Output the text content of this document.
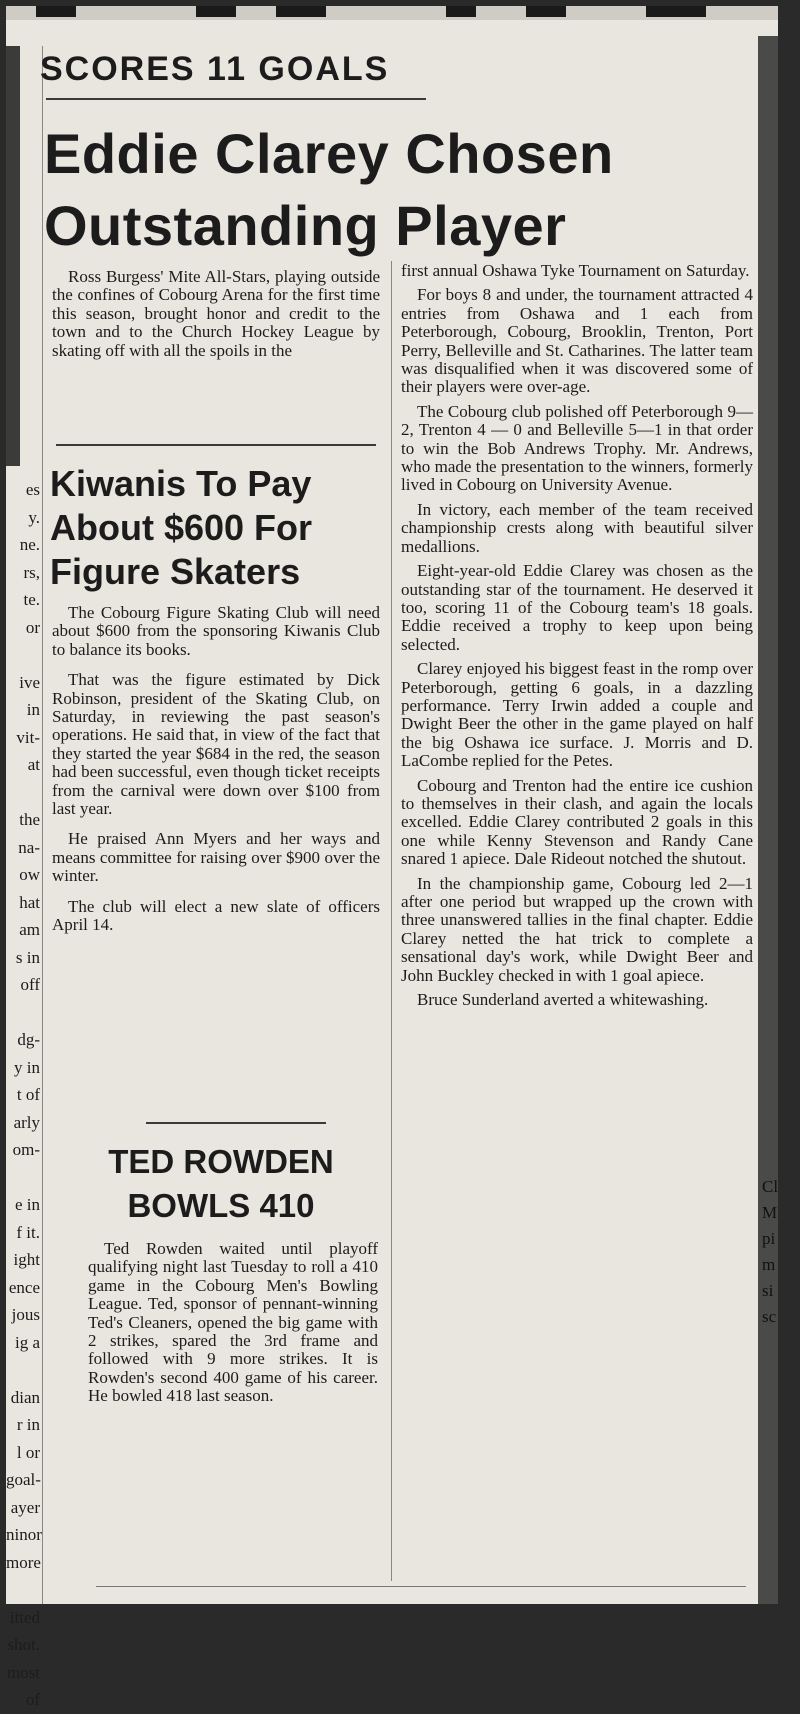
es
y.
ne.
rs,
te.
or

ive
in
vit-
at

the
na-
ow
hat
am
s in
off

dg-
y in
t of
arly
om-

e in
f it.
ight
ence
jous
ig a

dian
r in
l or
goal-
ayer
ninor
more

itted
shot.
most
of
SCORES 11 GOALS
Eddie Clarey Chosen Outstanding Player

Ross Burgess' Mite All-Stars, playing outside the confines of Cobourg Arena for the first time this season, brought honor and credit to the town and to the Church Hockey League by skating off with all the spoils in the

Kiwanis To Pay About $600 For Figure Skaters

The Cobourg Figure Skating Club will need about $600 from the sponsoring Kiwanis Club to balance its books.

That was the figure estimated by Dick Robinson, president of the Skating Club, on Saturday, in reviewing the past season's operations. He said that, in view of the fact that they started the year $684 in the red, the season had been successful, even though ticket receipts from the carnival were down over $100 from last year.

He praised Ann Myers and her ways and means committee for raising over $900 over the winter.

The club will elect a new slate of officers April 14.

TED ROWDEN BOWLS 410

Ted Rowden waited until playoff qualifying night last Tuesday to roll a 410 game in the Cobourg Men's Bowling League. Ted, sponsor of pennant-winning Ted's Cleaners, opened the big game with 2 strikes, spared the 3rd frame and followed with 9 more strikes. It is Rowden's second 400 game of his career. He bowled 418 last season.

first annual Oshawa Tyke Tournament on Saturday.

For boys 8 and under, the tournament attracted 4 entries from Oshawa and 1 each from Peterborough, Cobourg, Brooklin, Trenton, Port Perry, Belleville and St. Catharines. The latter team was disqualified when it was discovered some of their players were over-age.

The Cobourg club polished off Peterborough 9—2, Trenton 4 — 0 and Belleville 5—1 in that order to win the Bob Andrews Trophy. Mr. Andrews, who made the presentation to the winners, formerly lived in Cobourg on University Avenue.

In victory, each member of the team received championship crests along with beautiful silver medallions.

Eight-year-old Eddie Clarey was chosen as the outstanding star of the tournament. He deserved it too, scoring 11 of the Cobourg team's 18 goals. Eddie received a trophy to keep upon being selected.

Clarey enjoyed his biggest feast in the romp over Peterborough, getting 6 goals, in a dazzling performance. Terry Irwin added a couple and Dwight Beer the other in the game played on half the big Oshawa ice surface. J. Morris and D. LaCombe replied for the Petes.

Cobourg and Trenton had the entire ice cushion to themselves in their clash, and again the locals excelled. Eddie Clarey contributed 2 goals in this one while Kenny Stevenson and Randy Cane snared 1 apiece. Dale Rideout notched the shutout.

In the championship game, Cobourg led 2—1 after one period but wrapped up the crown with three unanswered tallies in the final chapter. Eddie Clarey netted the hat trick to complete a sensational day's work, while Dwight Beer and John Buckley checked in with 1 goal apiece.

Bruce Sunderland averted a whitewashing.

Cl
M
pi
m
si
sc
